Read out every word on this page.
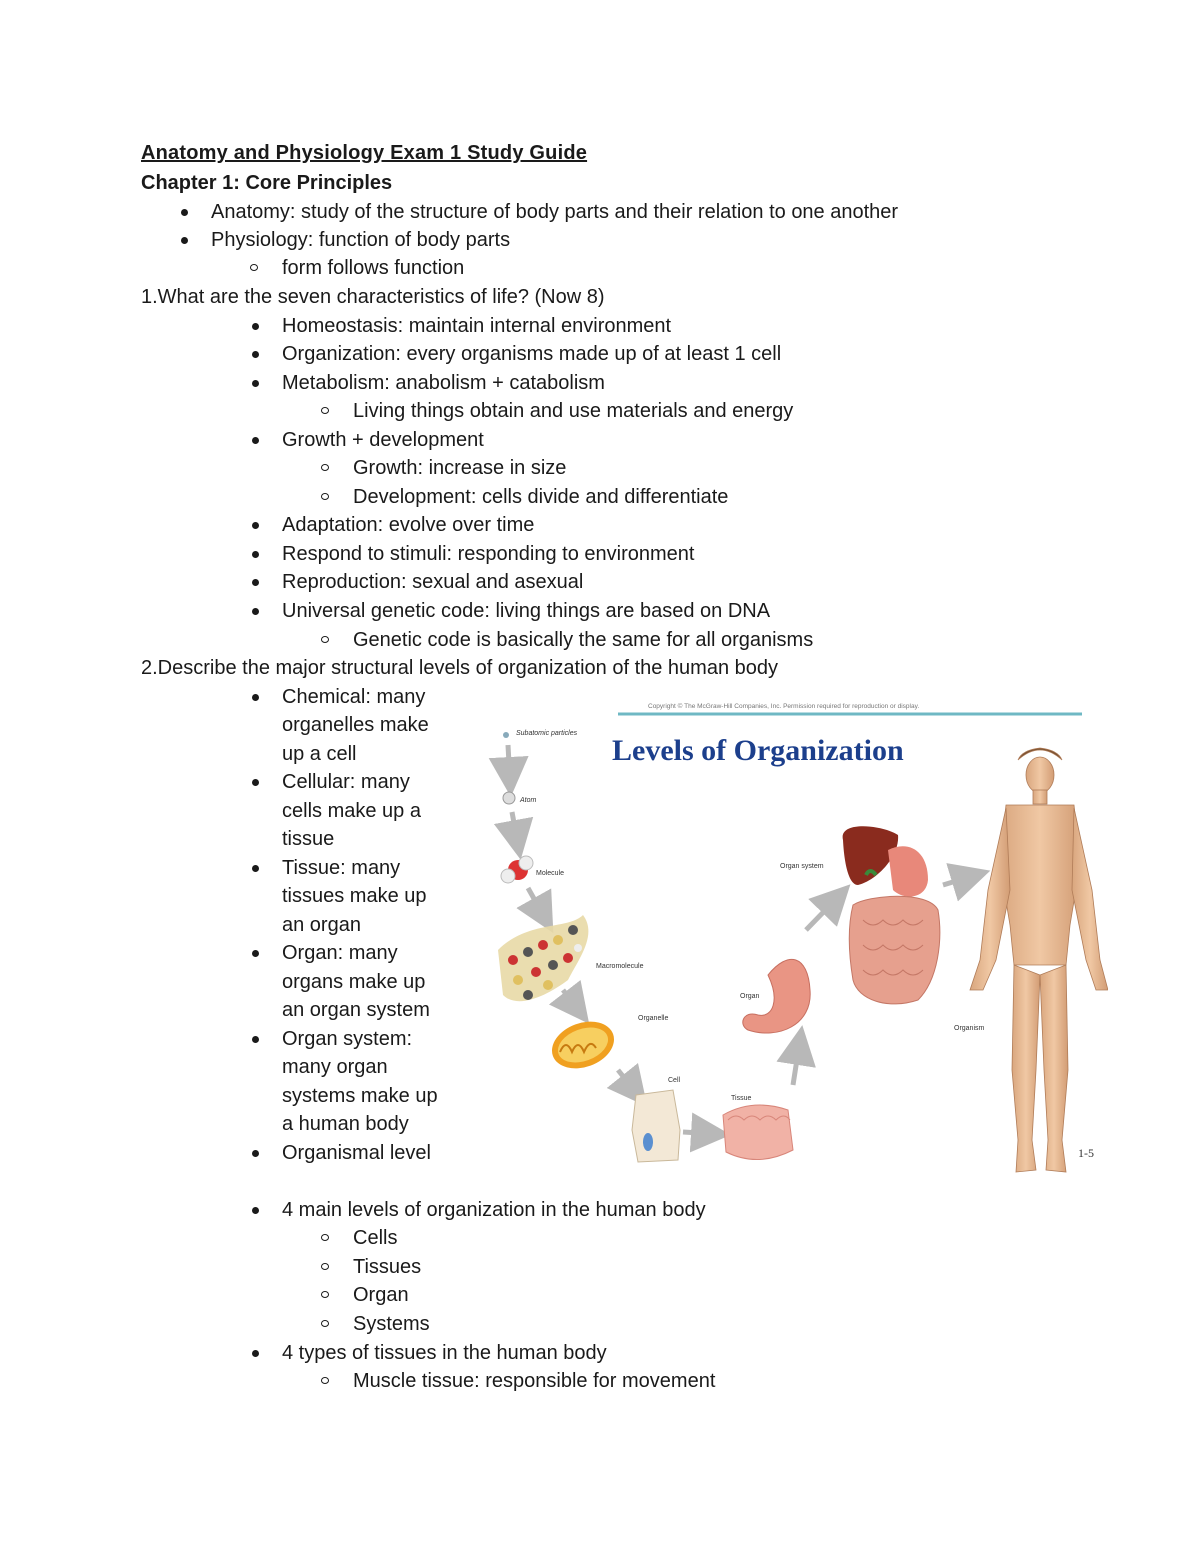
Anatomy and Physiology Exam 1 Study Guide
Chapter 1: Core Principles
Anatomy: study of the structure of body parts and their relation to one another
Physiology: function of body parts
form follows function
1.What are the seven characteristics of life? (Now 8)
Homeostasis: maintain internal environment
Organization: every organisms made up of at least 1 cell
Metabolism: anabolism + catabolism
Living things obtain and use materials and energy
Growth + development
Growth: increase in size
Development: cells divide and differentiate
Adaptation: evolve over time
Respond to stimuli: responding to environment
Reproduction: sexual and asexual
Universal genetic code: living things are based on DNA
Genetic code is basically the same for all organisms
2.Describe the major structural levels of organization of the human body
Chemical: many
organelles make
up a cell
Cellular: many
cells make up a
tissue
Tissue: many
tissues make up
an organ
Organ: many
organs make up
an organ system
Organ system:
many organ
systems make up
a human body
Organismal level
4 main levels of organization in the human body
Cells
Tissues
Organ
Systems
4 types of tissues in the human body
Muscle tissue: responsible for movement
Copyright © The McGraw-Hill Companies, Inc. Permission required for reproduction or display.
Levels of Organization
Subatomic particles
Atom
Molecule
Macromolecule
Organelle
Cell
Tissue
Organ
Organ system
Organism
1-5
